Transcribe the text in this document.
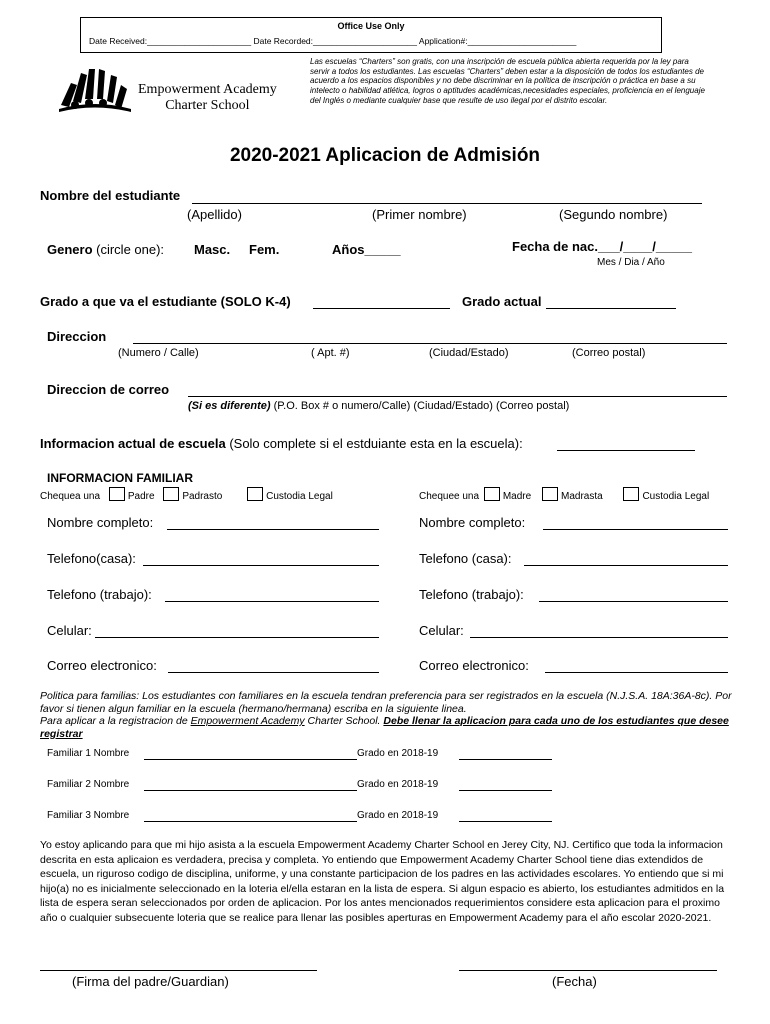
Office Use Only
Date Received:______________________ Date Recorded:______________________ Application#:_______________________
Empowerment Academy
Charter School
Las escuelas “Charters” son gratis, con una inscripción de escuela pública abierta requerida por la ley para servir a todos los estudiantes. Las escuelas “Charters” deben estar a la disposición de todos los estudiantes de acuerdo a los espacios disponibles y no debe discriminar en la política de inscripción o práctica en base a su intelecto o habilidad atlética, logros o aptitudes académicas,necesidades especiales, proficiencia en el lenguaje del Inglés o mediante cualquier base que resulte de uso ilegal por el distrito escolar.
2020-2021 Aplicacion de Admisión
Nombre del estudiante
(Apellido)	(Primer nombre)	(Segundo nombre)
Genero (circle one): Masc. Fem.	Años_____	Fecha de nac.___/____/_____
Mes / Dia / Año
Grado a que va el estudiante (SOLO K-4)	Grado actual
Direccion
(Numero / Calle)	( Apt. #)	(Ciudad/Estado)	(Correo postal)
Direccion de correo
(Si es diferente) (P.O. Box # o numero/Calle) (Ciudad/Estado) (Correo postal)
Informacion actual de escuela (Solo complete si el estduiante esta en la escuela):
INFORMACION FAMILIAR
Chequea una	Padre	Padrasto	Custodia Legal	Chequee una Madre	Madrasta	Custodia Legal
Nombre completo:
Telefono(casa):
Telefono (trabajo):
Celular:
Correo electronico:
Nombre completo:
Telefono (casa):
Telefono (trabajo):
Celular:
Correo electronico:
Politica para familias: Los estudiantes con familiares en la escuela tendran preferencia para ser registrados en la escuela (N.J.S.A. 18A:36A-8c). Por favor si tienen algun familiar en la escuela (hermano/hermana) escriba en la siguiente linea.
Para aplicar a la registracion de Empowerment Academy Charter School. Debe llenar la aplicacion para cada uno de los estudiantes que desee registrar
Familiar 1 Nombre	Grado en 2018-19
Familiar 2 Nombre	Grado en 2018-19
Familiar 3 Nombre	Grado en 2018-19
Yo estoy aplicando para que mi hijo asista a la escuela Empowerment Academy Charter School en Jerey City, NJ. Certifico que toda la informacion descrita en esta aplicaion es verdadera, precisa y completa. Yo entiendo que Empowerment Academy Charter School tiene dias extendidos de escuela, un riguroso codigo de disciplina, uniforme, y una constante participacion de los padres en las actividades escolares. Yo entiendo que si mi hijo(a) no es inicialmente seleccionado en la loteria el/ella estaran en la lista de espera. Si algun espacio es abierto, los estudiantes admitidos en la lista de espera seran seleccionados por orden de aplicacion. Por los antes mencionados requerimientos considere esta aplicacion para el proximo año o cualquier subsecuente loteria que se realice para llenar las posibles aperturas en Empowerment Academy para el año escolar 2020-2021.
(Firma del padre/Guardian)	(Fecha)
